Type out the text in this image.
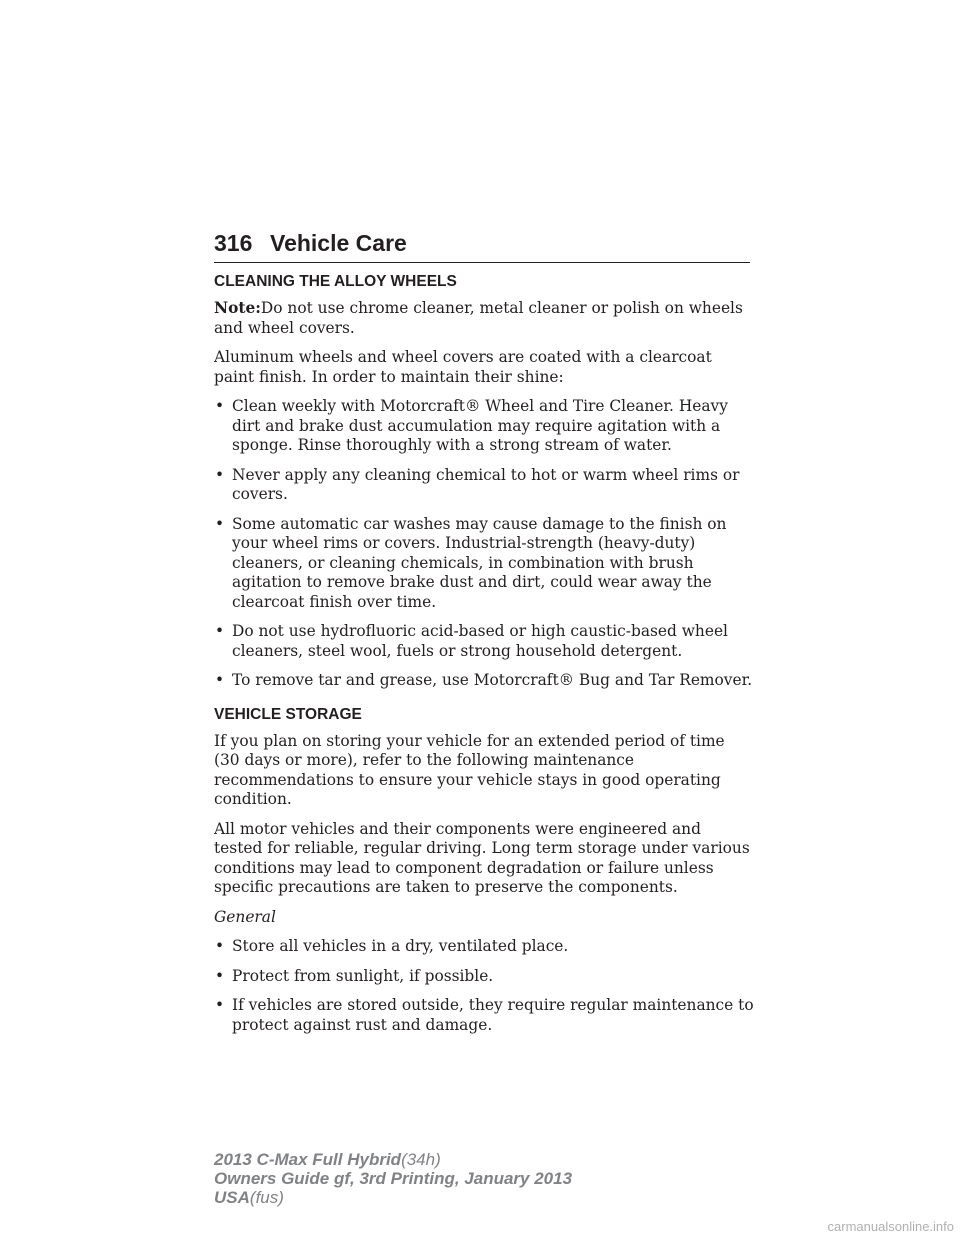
316 Vehicle Care
CLEANING THE ALLOY WHEELS

Note:Do not use chrome cleaner, metal cleaner or polish on wheels and wheel covers.

Aluminum wheels and wheel covers are coated with a clearcoat paint finish. In order to maintain their shine:

• Clean weekly with Motorcraft® Wheel and Tire Cleaner. Heavy dirt and brake dust accumulation may require agitation with a sponge. Rinse thoroughly with a strong stream of water.
• Never apply any cleaning chemical to hot or warm wheel rims or covers.
• Some automatic car washes may cause damage to the finish on your wheel rims or covers. Industrial-strength (heavy-duty) cleaners, or cleaning chemicals, in combination with brush agitation to remove brake dust and dirt, could wear away the clearcoat finish over time.
• Do not use hydrofluoric acid-based or high caustic-based wheel cleaners, steel wool, fuels or strong household detergent.
• To remove tar and grease, use Motorcraft® Bug and Tar Remover.
VEHICLE STORAGE

If you plan on storing your vehicle for an extended period of time (30 days or more), refer to the following maintenance recommendations to ensure your vehicle stays in good operating condition.

All motor vehicles and their components were engineered and tested for reliable, regular driving. Long term storage under various conditions may lead to component degradation or failure unless specific precautions are taken to preserve the components.

General

• Store all vehicles in a dry, ventilated place.
• Protect from sunlight, if possible.
• If vehicles are stored outside, they require regular maintenance to protect against rust and damage.
2013 C-Max Full Hybrid(34h)
Owners Guide gf, 3rd Printing, January 2013
USA(fus)
carmanualsonline.info
